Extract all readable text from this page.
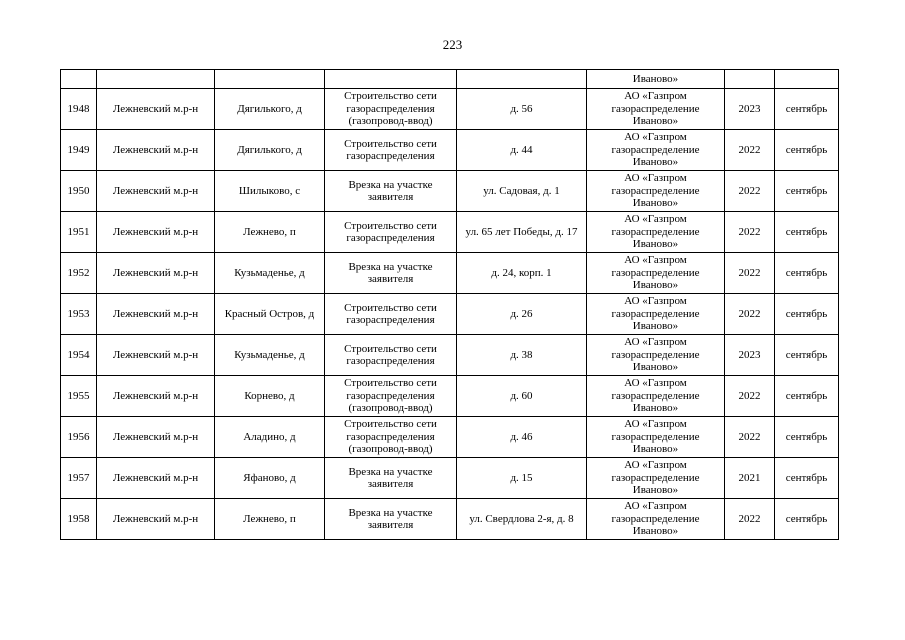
223
					Иваново»		
1948	Лежневский м.р-н	Дягилького, д	Строительство сети газораспределения (газопровод-ввод)	д. 56	АО «Газпром газораспределение Иваново»	2023	сентябрь
1949	Лежневский м.р-н	Дягилького, д	Строительство сети газораспределения	д. 44	АО «Газпром газораспределение Иваново»	2022	сентябрь
1950	Лежневский м.р-н	Шилыково, с	Врезка на участке заявителя	ул. Садовая, д. 1	АО «Газпром газораспределение Иваново»	2022	сентябрь
1951	Лежневский м.р-н	Лежнево, п	Строительство сети газораспределения	ул. 65 лет Победы, д. 17	АО «Газпром газораспределение Иваново»	2022	сентябрь
1952	Лежневский м.р-н	Кузьмаденье, д	Врезка на участке заявителя	д. 24, корп. 1	АО «Газпром газораспределение Иваново»	2022	сентябрь
1953	Лежневский м.р-н	Красный Остров, д	Строительство сети газораспределения	д. 26	АО «Газпром газораспределение Иваново»	2022	сентябрь
1954	Лежневский м.р-н	Кузьмаденье, д	Строительство сети газораспределения	д. 38	АО «Газпром газораспределение Иваново»	2023	сентябрь
1955	Лежневский м.р-н	Корнево, д	Строительство сети газораспределения (газопровод-ввод)	д. 60	АО «Газпром газораспределение Иваново»	2022	сентябрь
1956	Лежневский м.р-н	Аладино, д	Строительство сети газораспределения (газопровод-ввод)	д. 46	АО «Газпром газораспределение Иваново»	2022	сентябрь
1957	Лежневский м.р-н	Яфаново, д	Врезка на участке заявителя	д. 15	АО «Газпром газораспределение Иваново»	2021	сентябрь
1958	Лежневский м.р-н	Лежнево, п	Врезка на участке заявителя	ул. Свердлова 2-я, д. 8	АО «Газпром газораспределение Иваново»	2022	сентябрь
